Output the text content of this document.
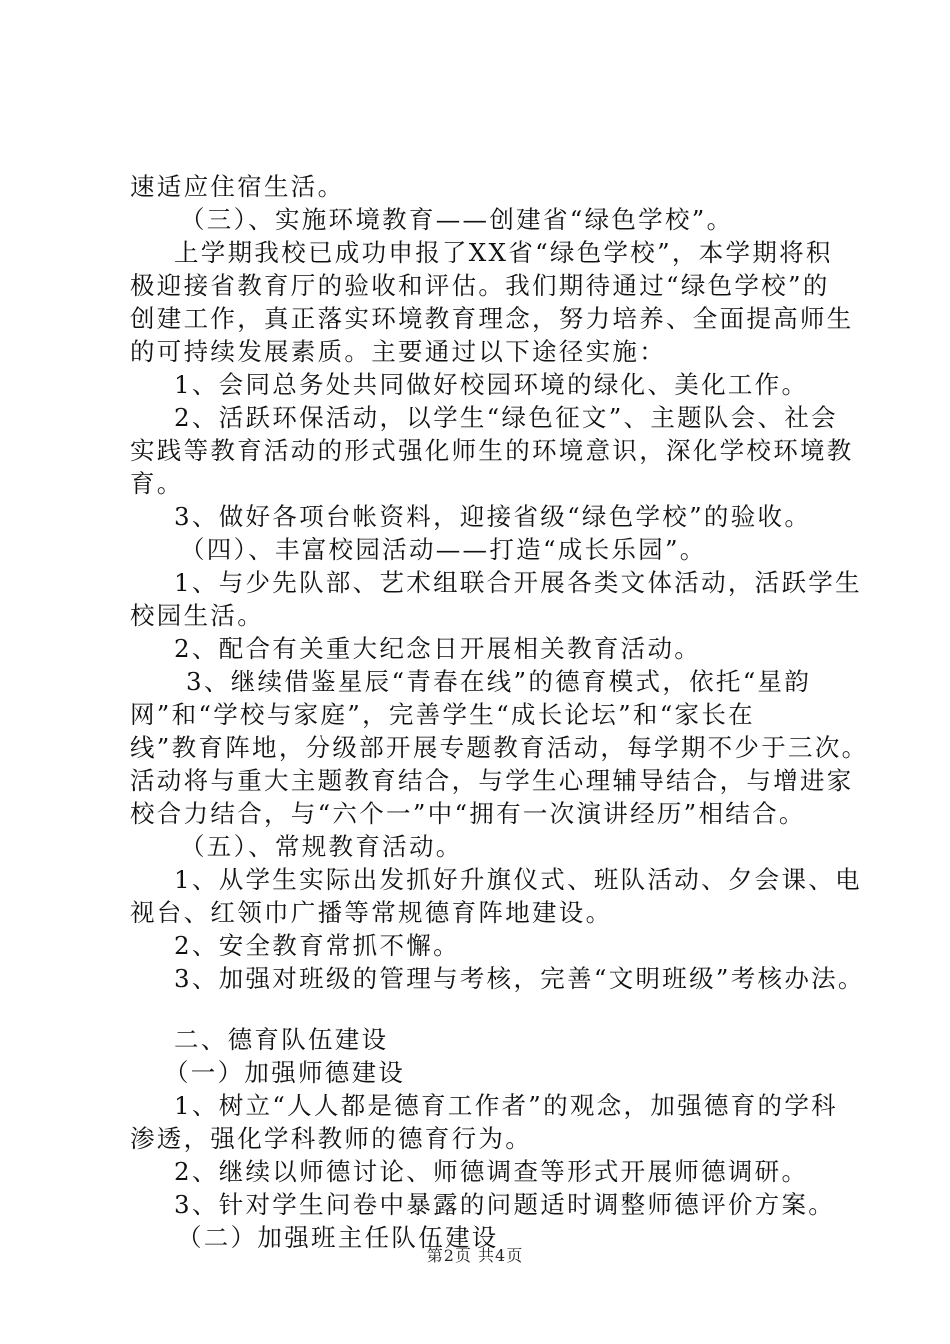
速适应住宿生活。
（三）、实施环境教育——创建省“绿色学校”。
上学期我校已成功申报了XX省“绿色学校”，本学期将积
极迎接省教育厅的验收和评估。我们期待通过“绿色学校”的
创建工作，真正落实环境教育理念，努力培养、全面提高师生
的可持续发展素质。主要通过以下途径实施：
1、会同总务处共同做好校园环境的绿化、美化工作。
2、活跃环保活动，以学生“绿色征文”、主题队会、社会
实践等教育活动的形式强化师生的环境意识，深化学校环境教
育。
3、做好各项台帐资料，迎接省级“绿色学校”的验收。
（四）、丰富校园活动——打造“成长乐园”。
1、与少先队部、艺术组联合开展各类文体活动，活跃学生
校园生活。
2、配合有关重大纪念日开展相关教育活动。
3、继续借鉴星辰“青春在线”的德育模式，依托“星韵
网”和“学校与家庭”，完善学生“成长论坛”和“家长在
线”教育阵地，分级部开展专题教育活动，每学期不少于三次。
活动将与重大主题教育结合，与学生心理辅导结合，与增进家
校合力结合，与“六个一”中“拥有一次演讲经历”相结合。
（五）、常规教育活动。
1、从学生实际出发抓好升旗仪式、班队活动、夕会课、电
视台、红领巾广播等常规德育阵地建设。
2、安全教育常抓不懈。
3、加强对班级的管理与考核，完善“文明班级”考核办法。
二、德育队伍建设
（一）加强师德建设
1、树立“人人都是德育工作者”的观念，加强德育的学科
渗透，强化学科教师的德育行为。
2、继续以师德讨论、师德调查等形式开展师德调研。
3、针对学生问卷中暴露的问题适时调整师德评价方案。
（二）加强班主任队伍建设
第2页 共4页
